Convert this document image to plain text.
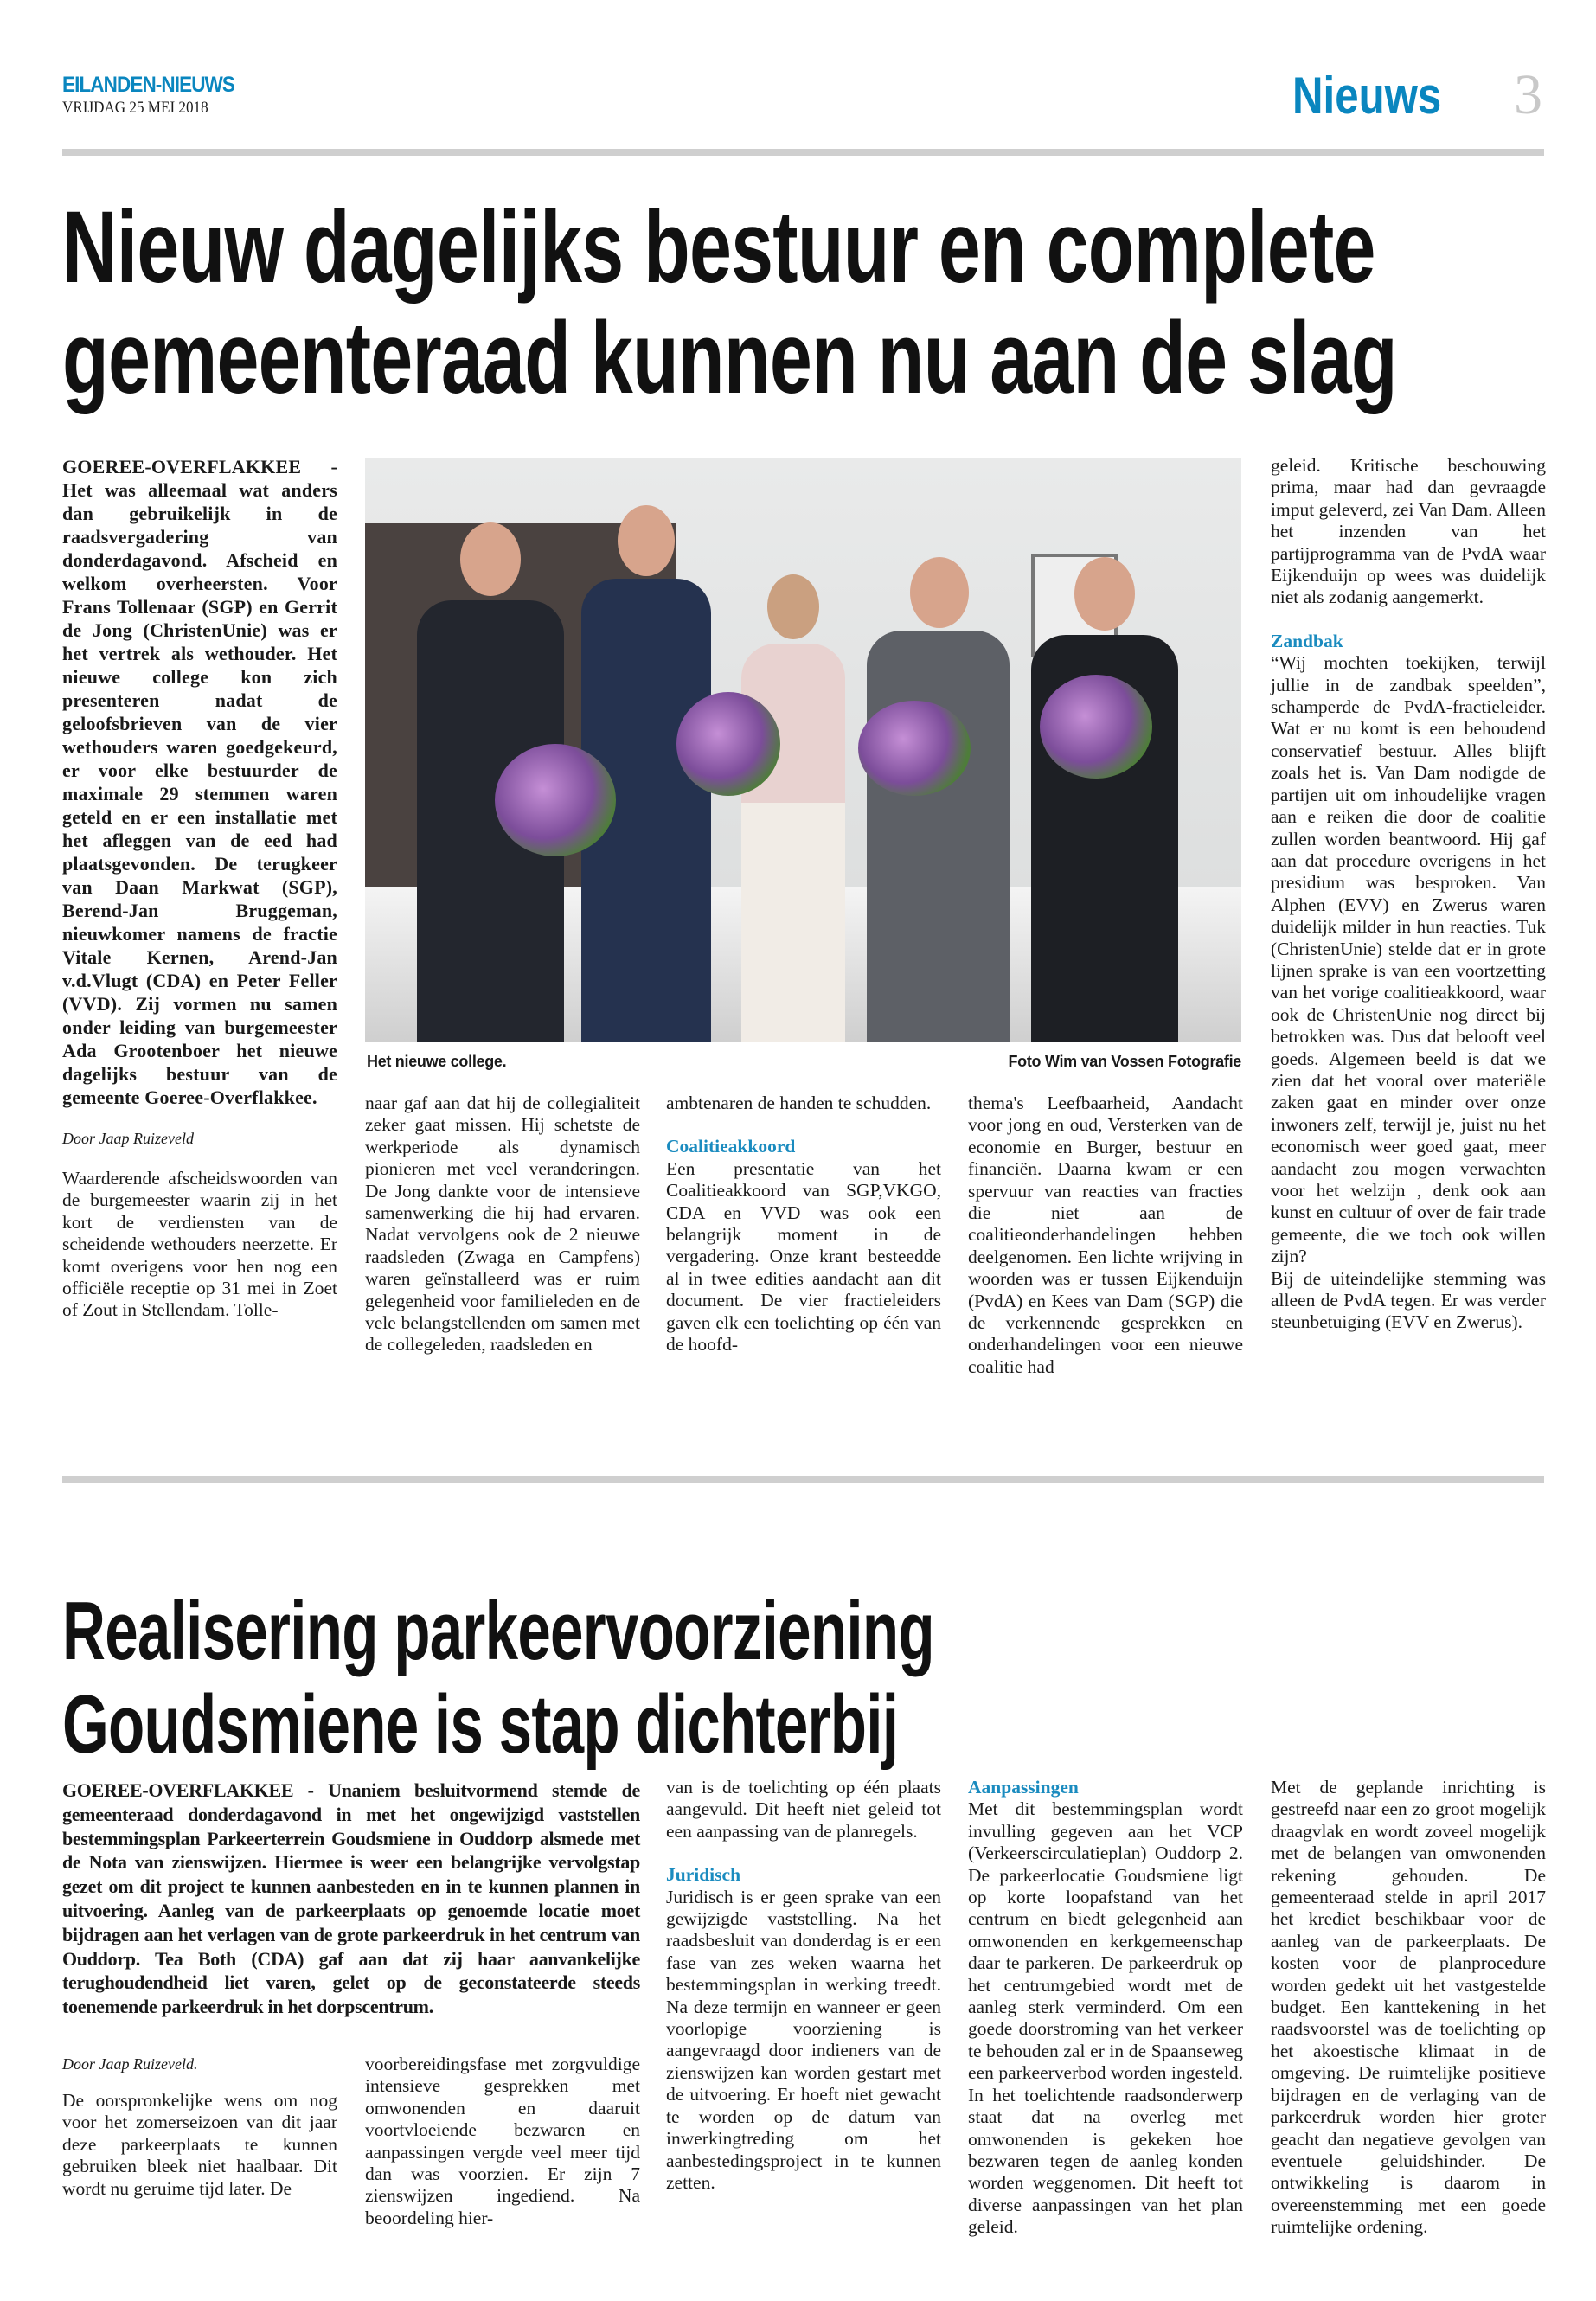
EILANDEN-NIEUWS
VRIJDAG 25 MEI 2018	Nieuws 3
Nieuw dagelijks bestuur en complete
gemeenteraad kunnen nu aan de slag
GOEREE-OVERFLAKKEE - Het was alleemaal wat anders dan gebruikelijk in de raadsvergadering van donderdagavond. Afscheid en welkom overheersten. Voor Frans Tollenaar (SGP) en Gerrit de Jong (ChristenUnie) was er het vertrek als wethouder. Het nieuwe college kon zich presenteren nadat de geloofsbrieven van de vier wethouders waren goedgekeurd, er voor elke bestuurder de maximale 29 stemmen waren geteld en er een installatie met het afleggen van de eed had plaatsgevonden. De terugkeer van Daan Markwat (SGP), Berend-Jan Bruggeman, nieuwkomer namens de fractie Vitale Kernen, Arend-Jan v.d.Vlugt (CDA) en Peter Feller (VVD). Zij vormen nu samen onder leiding van burgemeester Ada Grootenboer het nieuwe dagelijks bestuur van de gemeente Goeree-Overflakkee.
Door Jaap Ruizeveld
Waarderende afscheidswoorden van de burgemeester waarin zij in het kort de verdiensten van de scheidende wethouders neerzette. Er komt overigens voor hen nog een officiële receptie op 31 mei in Zoet of Zout in Stellendam. Tolle-
Het nieuwe college.	Foto Wim van Vossen Fotografie
naar gaf aan dat hij de collegialiteit zeker gaat missen. Hij schetste de werkperiode als dynamisch pionieren met veel veranderingen. De Jong dankte voor de intensieve samenwerking die hij had ervaren. Nadat vervolgens ook de 2 nieuwe raadsleden (Zwaga en Campfens) waren geïnstalleerd was er ruim gelegenheid voor familieleden en de vele belangstellenden om samen met de collegeleden, raadsleden en
ambtenaren de handen te schudden.
Coalitieakkoord
Een presentatie van het Coalitieakkoord van SGP,VKGO, CDA en VVD was ook een belangrijk moment in de vergadering. Onze krant besteedde al in twee edities aandacht aan dit document. De vier fractieleiders gaven elk een toelichting op één van de hoofd-
thema's Leefbaarheid, Aandacht voor jong en oud, Versterken van de economie en Burger, bestuur en financiën. Daarna kwam er een spervuur van reacties van fracties die niet aan de coalitieonderhandelingen hebben deelgenomen. Een lichte wrijving in woorden was er tussen Eijkenduijn (PvdA) en Kees van Dam (SGP) die de verkennende gesprekken en onderhandelingen voor een nieuwe coalitie had
geleid. Kritische beschouwing prima, maar had dan gevraagde imput geleverd, zei Van Dam. Alleen het inzenden van het partijprogramma van de PvdA waar Eijkenduijn op wees was duidelijk niet als zodanig aangemerkt.
Zandbak
“Wij mochten toekijken, terwijl jullie in de zandbak speelden”, schamperde de PvdA-fractieleider. Wat er nu komt is een behoudend conservatief bestuur. Alles blijft zoals het is. Van Dam nodigde de partijen uit om inhoudelijke vragen aan e reiken die door de coalitie zullen worden beantwoord. Hij gaf aan dat procedure overigens in het presidium was besproken. Van Alphen (EVV) en Zwerus waren duidelijk milder in hun reacties. Tuk (ChristenUnie) stelde dat er in grote lijnen sprake is van een voortzetting van het vorige coalitieakkoord, waar ook de ChristenUnie nog direct bij betrokken was. Dus dat belooft veel goeds. Algemeen beeld is dat we zien dat het vooral over materiële zaken gaat en minder over onze inwoners zelf, terwijl je, juist nu het economisch weer goed gaat, meer aandacht zou mogen verwachten voor het welzijn , denk ook aan kunst en cultuur of over de fair trade gemeente, die we toch ook willen zijn?
Bij de uiteindelijke stemming was alleen de PvdA tegen. Er was verder steunbetuiging (EVV en Zwerus).
Realisering parkeervoorziening
Goudsmiene is stap dichterbij
GOEREE-OVERFLAKKEE - Unaniem besluitvormend stemde de gemeenteraad donderdagavond in met het ongewijzigd vaststellen bestemmingsplan Parkeerterrein Goudsmiene in Ouddorp alsmede met de Nota van zienswijzen. Hiermee is weer een belangrijke vervolgstap gezet om dit project te kunnen aanbesteden en in te kunnen plannen in uitvoering. Aanleg van de parkeerplaats op genoemde locatie moet bijdragen aan het verlagen van de grote parkeerdruk in het centrum van Ouddorp. Tea Both (CDA) gaf aan dat zij haar aanvankelijke terughoudendheid liet varen, gelet op de geconstateerde steeds toenemende parkeerdruk in het dorpscentrum.
Door Jaap Ruizeveld.
De oorspronkelijke wens om nog voor het zomerseizoen van dit jaar deze parkeerplaats te kunnen gebruiken bleek niet haalbaar. Dit wordt nu geruime tijd later. De
voorbereidingsfase met zorgvuldige intensieve gesprekken met omwonenden en daaruit voortvloeiende bezwaren en aanpassingen vergde veel meer tijd dan was voorzien. Er zijn 7 zienswijzen ingediend. Na beoordeling hier-
van is de toelichting op één plaats aangevuld. Dit heeft niet geleid tot een aanpassing van de planregels.
Juridisch
Juridisch is er geen sprake van een gewijzigde vaststelling. Na het raadsbesluit van donderdag is er een fase van zes weken waarna het bestemmingsplan in werking treedt. Na deze termijn en wanneer er geen voorlopige voorziening is aangevraagd door indieners van de zienswijzen kan worden gestart met de uitvoering. Er hoeft niet gewacht te worden op de datum van inwerkingtreding om het aanbestedingsproject in te kunnen zetten.
Aanpassingen
Met dit bestemmingsplan wordt invulling gegeven aan het VCP (Verkeerscirculatieplan) Ouddorp 2. De parkeerlocatie Goudsmiene ligt op korte loopafstand van het centrum en biedt gelegenheid aan omwonenden en kerkgemeenschap daar te parkeren. De parkeerdruk op het centrumgebied wordt met de aanleg sterk verminderd. Om een goede doorstroming van het verkeer te behouden zal er in de Spaanseweg een parkeerverbod worden ingesteld. In het toelichtende raadsonderwerp staat dat na overleg met omwonenden is gekeken hoe bezwaren tegen de aanleg konden worden weggenomen. Dit heeft tot diverse aanpassingen van het plan geleid.
Met de geplande inrichting is gestreefd naar een zo groot mogelijk draagvlak en wordt zoveel mogelijk met de belangen van omwonenden rekening gehouden. De gemeenteraad stelde in april 2017 het krediet beschikbaar voor de aanleg van de parkeerplaats. De kosten voor de planprocedure worden gedekt uit het vastgestelde budget. Een kanttekening in het raadsvoorstel was de toelichting op het akoestische klimaat in de omgeving. De ruimtelijke positieve bijdragen en de verlaging van de parkeerdruk worden hier groter geacht dan negatieve gevolgen van eventuele geluidshinder. De ontwikkeling is daarom in overeenstemming met een goede ruimtelijke ordening.
